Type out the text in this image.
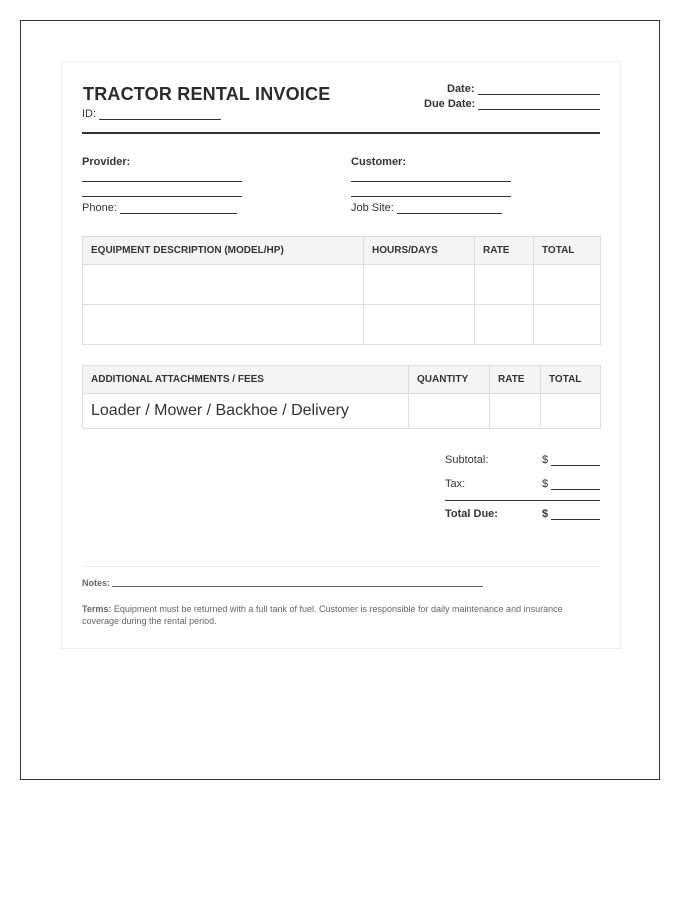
TRACTOR RENTAL INVOICE
ID:
Date:
Due Date:
Provider:
Phone:
Customer:
Job Site:
EQUIPMENT DESCRIPTION (MODEL/HP)	HOURS/DAYS	RATE	TOTAL

ADDITIONAL ATTACHMENTS / FEES	QUANTITY	RATE	TOTAL
Loader / Mower / Backhoe / Delivery			
Subtotal:	$
Tax:	$
Total Due:	$
Notes:
Terms: Equipment must be returned with a full tank of fuel. Customer is responsible for daily maintenance and insurance coverage during the rental period.
